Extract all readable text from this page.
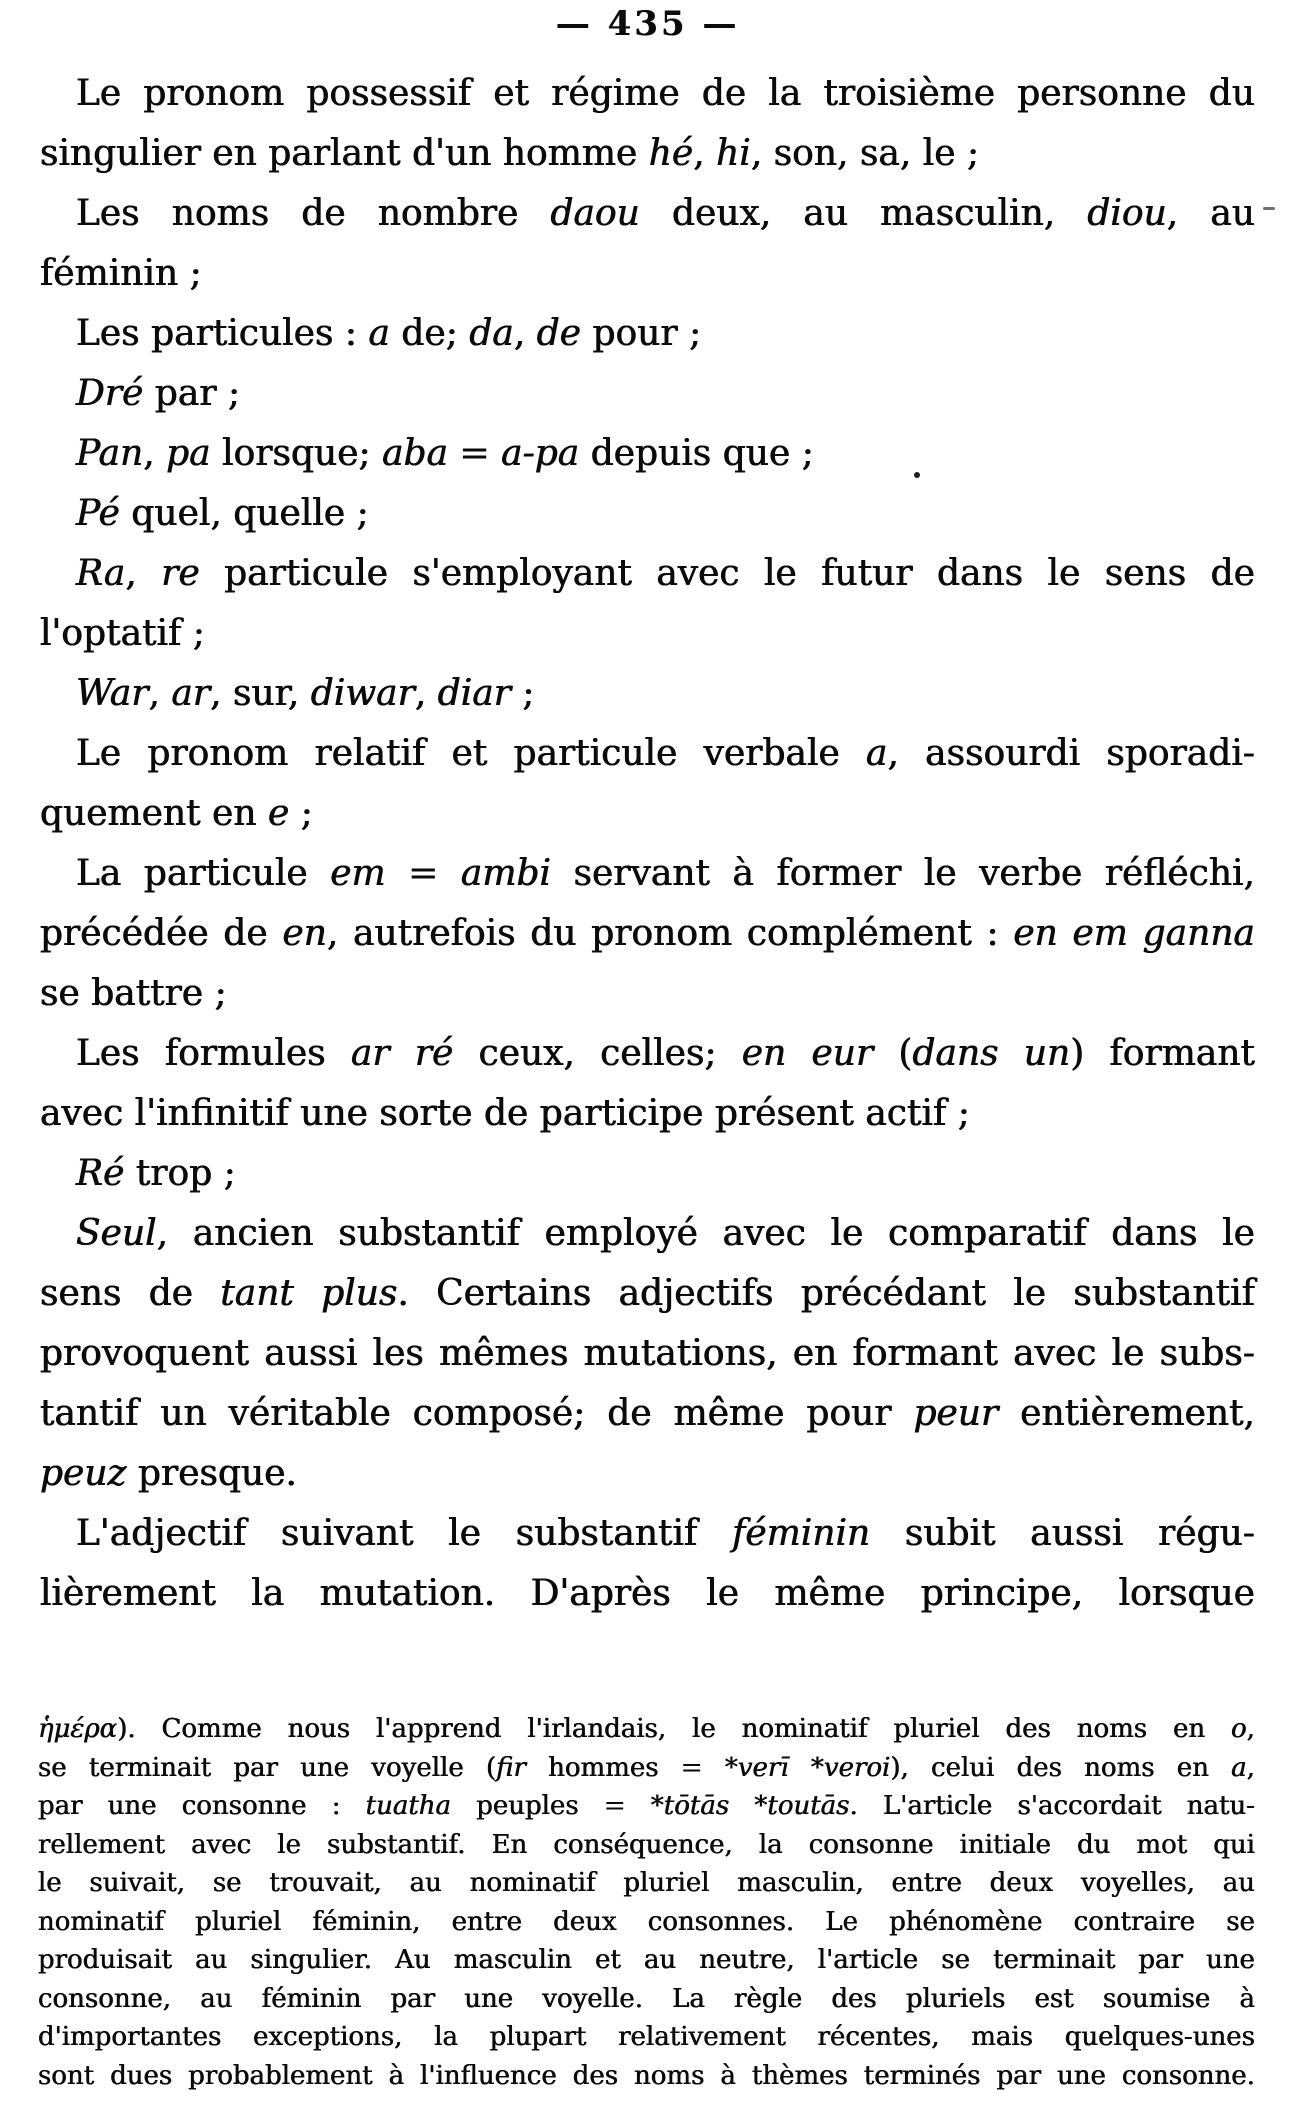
— 435 —
Le pronom possessif et régime de la troisième personne du
singulier en parlant d'un homme hé, hi, son, sa, le ;
Les noms de nombre daou deux, au masculin, diou, au
féminin ;
Les particules : a de; da, de pour ;
Dré par ;
Pan, pa lorsque; aba = a-pa depuis que ;
Pé quel, quelle ;
Ra, re particule s'employant avec le futur dans le sens de
l'optatif ;
War, ar, sur, diwar, diar ;
Le pronom relatif et particule verbale a, assourdi sporadi-
quement en e ;
La particule em = ambi servant à former le verbe réfléchi,
précédée de en, autrefois du pronom complément : en em ganna
se battre ;
Les formules ar ré ceux, celles; en eur (dans un) formant
avec l'infinitif une sorte de participe présent actif ;
Ré trop ;
Seul, ancien substantif employé avec le comparatif dans le
sens de tant plus. Certains adjectifs précédant le substantif
provoquent aussi les mêmes mutations, en formant avec le subs-
tantif un véritable composé; de même pour peur entièrement,
peuz presque.
L'adjectif suivant le substantif féminin subit aussi régu-
lièrement la mutation. D'après le même principe, lorsque
ἡμέρα). Comme nous l'apprend l'irlandais, le nominatif pluriel des noms en o,
se terminait par une voyelle (fir hommes = *verī *veroi), celui des noms en a,
par une consonne : tuatha peuples = *tōtās *toutās. L'article s'accordait natu-
rellement avec le substantif. En conséquence, la consonne initiale du mot qui
le suivait, se trouvait, au nominatif pluriel masculin, entre deux voyelles, au
nominatif pluriel féminin, entre deux consonnes. Le phénomène contraire se
produisait au singulier. Au masculin et au neutre, l'article se terminait par une
consonne, au féminin par une voyelle. La règle des pluriels est soumise à
d'importantes exceptions, la plupart relativement récentes, mais quelques-unes
sont dues probablement à l'influence des noms à thèmes terminés par une consonne.
